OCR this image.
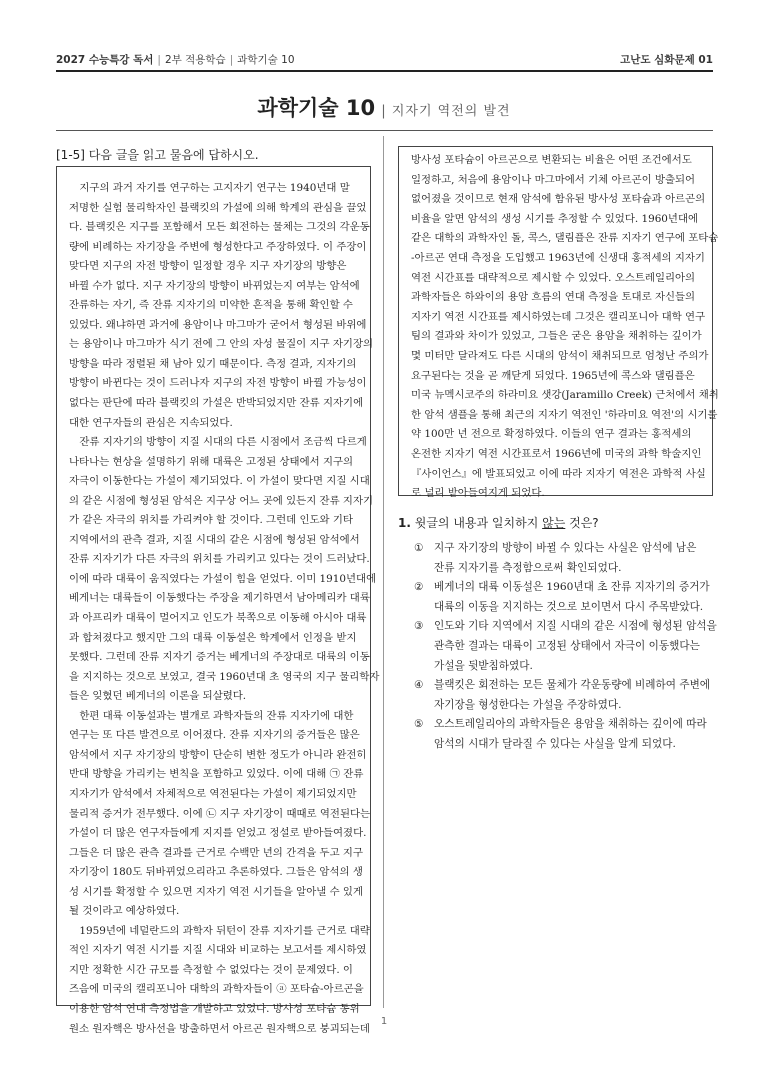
2027 수능특강 독서 | 2부 적용학습 | 과학기술 10	고난도 심화문제 01
과학기술 10 | 지자기 역전의 발견
[1-5] 다음 글을 읽고 물음에 답하시오.
　지구의 과거 자기를 연구하는 고지자기 연구는 1940년대 말
저명한 실험 물리학자인 블랙킷의 가설에 의해 학계의 관심을 끌었
다. 블랙킷은 지구를 포함해서 모든 회전하는 물체는 그것의 각운동
량에 비례하는 자기장을 주변에 형성한다고 주장하였다. 이 주장이
맞다면 지구의 자전 방향이 일정할 경우 지구 자기장의 방향은
바뀔 수가 없다. 지구 자기장의 방향이 바뀌었는지 여부는 암석에
잔류하는 자기, 즉 잔류 지자기의 미약한 흔적을 통해 확인할 수
있었다. 왜냐하면 과거에 용암이나 마그마가 굳어서 형성된 바위에
는 용암이나 마그마가 식기 전에 그 안의 자성 물질이 지구 자기장의
방향을 따라 정렬된 채 남아 있기 때문이다. 측정 결과, 지자기의
방향이 바뀐다는 것이 드러나자 지구의 자전 방향이 바뀔 가능성이
없다는 판단에 따라 블랙킷의 가설은 반박되었지만 잔류 지자기에
대한 연구자들의 관심은 지속되었다.
　잔류 지자기의 방향이 지질 시대의 다른 시점에서 조금씩 다르게
나타나는 현상을 설명하기 위해 대륙은 고정된 상태에서 지구의
자극이 이동한다는 가설이 제기되었다. 이 가설이 맞다면 지질 시대
의 같은 시점에 형성된 암석은 지구상 어느 곳에 있든지 잔류 지자기
가 같은 자극의 위치를 가리켜야 할 것이다. 그런데 인도와 기타
지역에서의 관측 결과, 지질 시대의 같은 시점에 형성된 암석에서
잔류 지자기가 다른 자극의 위치를 가리키고 있다는 것이 드러났다.
이에 따라 대륙이 움직였다는 가설이 힘을 얻었다. 이미 1910년대에
베게너는 대륙들이 이동했다는 주장을 제기하면서 남아메리카 대륙
과 아프리카 대륙이 멀어지고 인도가 북쪽으로 이동해 아시아 대륙
과 합쳐졌다고 했지만 그의 대륙 이동설은 학계에서 인정을 받지
못했다. 그런데 잔류 지자기 증거는 베게너의 주장대로 대륙의 이동
을 지지하는 것으로 보였고, 결국 1960년대 초 영국의 지구 물리학자
들은 잊혔던 베게너의 이론을 되살렸다.
　한편 대륙 이동설과는 별개로 과학자들의 잔류 지자기에 대한
연구는 또 다른 발견으로 이어졌다. 잔류 지자기의 증거들은 많은
암석에서 지구 자기장의 방향이 단순히 변한 정도가 아니라 완전히
반대 방향을 가리키는 변칙을 포함하고 있었다. 이에 대해 ㉠ 잔류
지자기가 암석에서 자체적으로 역전된다는 가설이 제기되었지만
물리적 증거가 전무했다. 이에 ㉡ 지구 자기장이 때때로 역전된다는
가설이 더 많은 연구자들에게 지지를 얻었고 정설로 받아들여졌다.
그들은 더 많은 관측 결과를 근거로 수백만 년의 간격을 두고 지구
자기장이 180도 뒤바뀌었으리라고 추론하였다. 그들은 암석의 생
성 시기를 확정할 수 있으면 지자기 역전 시기들을 알아낼 수 있게
될 것이라고 예상하였다.
　1959년에 네덜란드의 과학자 뒤턴이 잔류 지자기를 근거로 대략
적인 지자기 역전 시기를 지질 시대와 비교하는 보고서를 제시하였
지만 정확한 시간 규모를 측정할 수 없었다는 것이 문제였다. 이
즈음에 미국의 캘리포니아 대학의 과학자들이 ⓐ 포타슘-아르곤을
이용한 암석 연대 측정법을 개발하고 있었다. 방사성 포타슘 동위
원소 원자핵은 방사선을 방출하면서 아르곤 원자핵으로 붕괴되는데
방사성 포타슘이 아르곤으로 변환되는 비율은 어떤 조건에서도
일정하고, 처음에 용암이나 마그마에서 기체 아르곤이 방출되어
없어졌을 것이므로 현재 암석에 함유된 방사성 포타슘과 아르곤의
비율을 알면 암석의 생성 시기를 추정할 수 있었다. 1960년대에
같은 대학의 과학자인 돌, 콕스, 댈림플은 잔류 지자기 연구에 포타슘
-아르곤 연대 측정을 도입했고 1963년에 신생대 홍적세의 지자기
역전 시간표를 대략적으로 제시할 수 있었다. 오스트레일리아의
과학자들은 하와이의 용암 흐름의 연대 측정을 토대로 자신들의
지자기 역전 시간표를 제시하였는데 그것은 캘리포니아 대학 연구
팀의 결과와 차이가 있었고, 그들은 굳은 용암을 채취하는 깊이가
몇 미터만 달라져도 다른 시대의 암석이 채취되므로 엄청난 주의가
요구된다는 것을 곧 깨닫게 되었다. 1965년에 콕스와 댈림플은
미국 뉴멕시코주의 하라미요 샛강(Jaramillo Creek) 근처에서 채취
한 암석 샘플을 통해 최근의 지자기 역전인 '하라미요 역전'의 시기를
약 100만 년 전으로 확정하였다. 이들의 연구 결과는 홍적세의
온전한 지자기 역전 시간표로서 1966년에 미국의 과학 학술지인
『사이언스』에 발표되었고 이에 따라 지자기 역전은 과학적 사실
로 널리 받아들여지게 되었다.
1. 윗글의 내용과 일치하지 않는 것은?
① 지구 자기장의 방향이 바뀔 수 있다는 사실은 암석에 남은
잔류 지자기를 측정함으로써 확인되었다.
② 베게너의 대륙 이동설은 1960년대 초 잔류 지자기의 증거가
대륙의 이동을 지지하는 것으로 보이면서 다시 주목받았다.
③ 인도와 기타 지역에서 지질 시대의 같은 시점에 형성된 암석을
관측한 결과는 대륙이 고정된 상태에서 자극이 이동했다는
가설을 뒷받침하였다.
④ 블랙킷은 회전하는 모든 물체가 각운동량에 비례하여 주변에
자기장을 형성한다는 가설을 주장하였다.
⑤ 오스트레일리아의 과학자들은 용암을 채취하는 깊이에 따라
암석의 시대가 달라질 수 있다는 사실을 알게 되었다.
1
